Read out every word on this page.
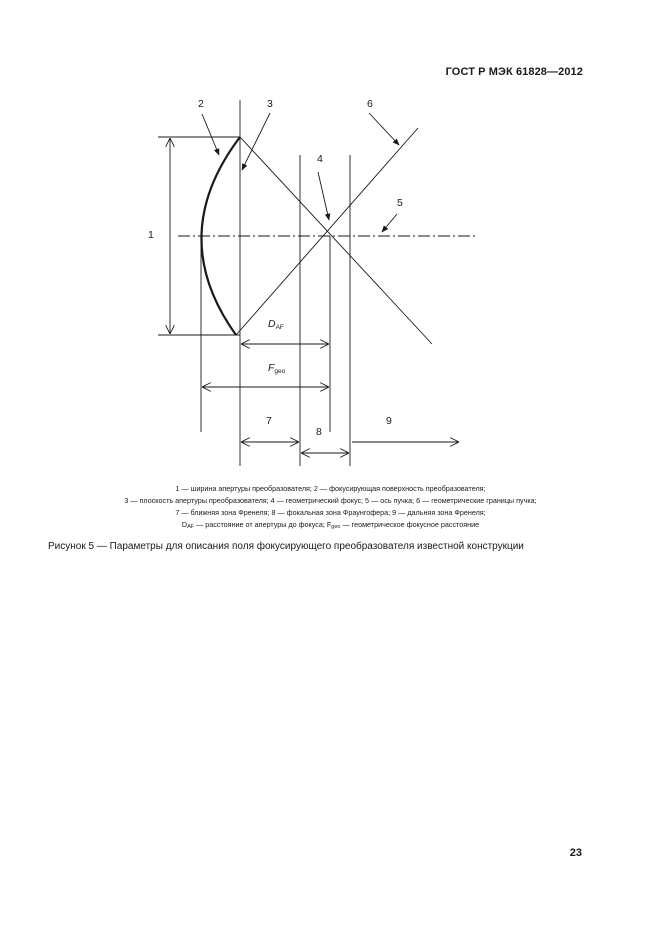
ГОСТ Р МЭК 61828—2012
1
2	3
4
5
6
7
8
9
DAF
Fgeo
1 — ширина апертуры преобразователя; 2 — фокусирующая поверхность преобразователя;
3 — плоскость апертуры преобразователя; 4 — геометрический фокус; 5 — ось пучка; 6 — геометрические границы пучка;
7 — ближняя зона Френеля; 8 — фокальная зона Фраунгофера; 9 — дальняя зона Френеля;
$D_{AF}$ — расстояние от апертуры до фокуса; $F_{geo}$ — геометрическое фокусное расстояние
Рисунок 5 — Параметры для описания поля фокусирующего преобразователя известной конструкции
23
